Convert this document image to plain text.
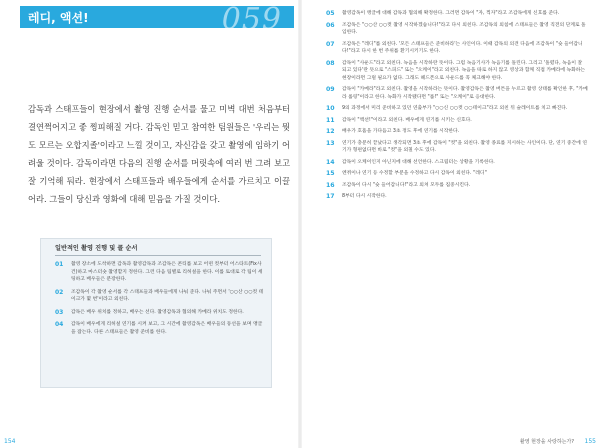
레디, 액션!	059
감독과 스태프들이 현장에서 촬영 진행 순서를 물고 미벽 대번 처음부터 결연쩍어지고 좋 찡피해질 거다. 감독인 믿고 참여한 팀원들은 '우리는 뭣도 모르는 오합지졸'이라고 느낄 것이고, 자신감을 갖고 촬영에 임하기 어려울 것이다. 감독이라면 다음의 진행 순서를 머릿속에 여러 번 그려 보고 잘 기억해 둬라. 현장에서 스태프들과 배우들에게 순서를 가르치고 이끌어라. 그들이 당신과 영화에 대해 믿음을 가질 것이다.
일반적인 촬영 진행 및 콜 순서
01	촬영 장소에 도착하면 감독과 촬영감독과 조감독은 콘티를 보고 어떤 컷부터 어스타트(Fix사건)하고 마스터숏 촬영할지 정한다. 그런 다음 팀별로 리허설을 한다. 이를 토대로 각 팀이 세팅하고 배우들은 분장한다.
02	조감독이 각 촬영 순서를 각 스태프들과 배우들에게 나눠 준다. 나눠 주면서 '○○산 ○○컷 테이크가 몇 번'이라고 외친다.
03	감독은 배우 위치를 정하고, 배우는 선다. 촬영감독과 협의해 카메라 위치도 정한다.
04	감독이 배우에게 리허설 연기를 시켜 보고, 그 시간에 촬영감독은 배우들의 동선을 보며 앵글을 잡는다. 다른 스태프들은 촬영 준비를 한다.
154
05	촬영감독이 앵글에 대해 감독과 협의해 확정한다. 그러면 감독이 "자, 찍자"라고 조감독에게 신호를 준다.
06	조감독은 "○○산 ○○컷 촬영 시작하겠습니다!"라고 다시 외친다. 조감독의 외침에 스태프들은 촬영 직전의 단계로 돌입한다.
07	조감독은 "레디"를 외친다. '모든 스태프들은 준비하라'는 사인이다. 이때 감독의 의견 다음에 조감독이 "슛 들어갑니다!"라고 다시 한 번 주위를 환기시키기도 한다.
08	감독이 "사운드"라고 외친다. 녹음을 시작하란 뜻이다. 그럼 녹음기사가 녹음기를 돌린다. 그리고 '돌렸다, 녹음이 잘 되고 있다'란 뜻으로 "스피드" 또는 "오케이"라고 외친다. 녹음을 따로 하지 않고 영상과 함께 직접 카메라에 녹화하는 현장이라면 그럴 필요가 없다. 그래도 헤드폰으로 사운드를 꼭 체크해야 한다.
09	감독이 "카메라"라고 외친다. 촬영을 시작하라는 뜻이다. 촬영감독은 촬영 버튼을 누르고 촬영 상태를 확인한 후, "카메라 롤링"이라고 한다. 녹화가 시작됐다면 "롤!" 또는 "오케이"로 응대한다.
10	9의 과정에서 미리 준비하고 있던 연출부가 "○○신 ○○컷 ○○테이크"라고 외친 뒤 슬레이트를 치고 빠진다.
11	감독이 "액션!"이라고 외친다. 배우에게 연기를 시키는 신호다.
12	배우가 호흡을 가다듬고 3초 정도 후에 연기를 시작한다.
13	연기가 충분히 끝났다고 생각되면 3초 후에 감독이 "컷"을 외친다. 촬영 종료를 지시하는 사인이다. 단, 연기 중간에 연기가 형편없다면 바로 "컷"을 외칠 수도 있다.
14	감독이 오케이인지 아닌지에 대해 선언한다. 스크립터는 상황을 기록한다.
15	엔쥐이나 연기 등 수정할 부분을 수정하고 다시 감독이 외친다. "레디"
16	조감독이 다시 "슛 들어갑니다!"라고 외쳐 모두를 집중시킨다.
17	8부터 다시 시작한다.
촬영 현장을 사랑하는가? 155
